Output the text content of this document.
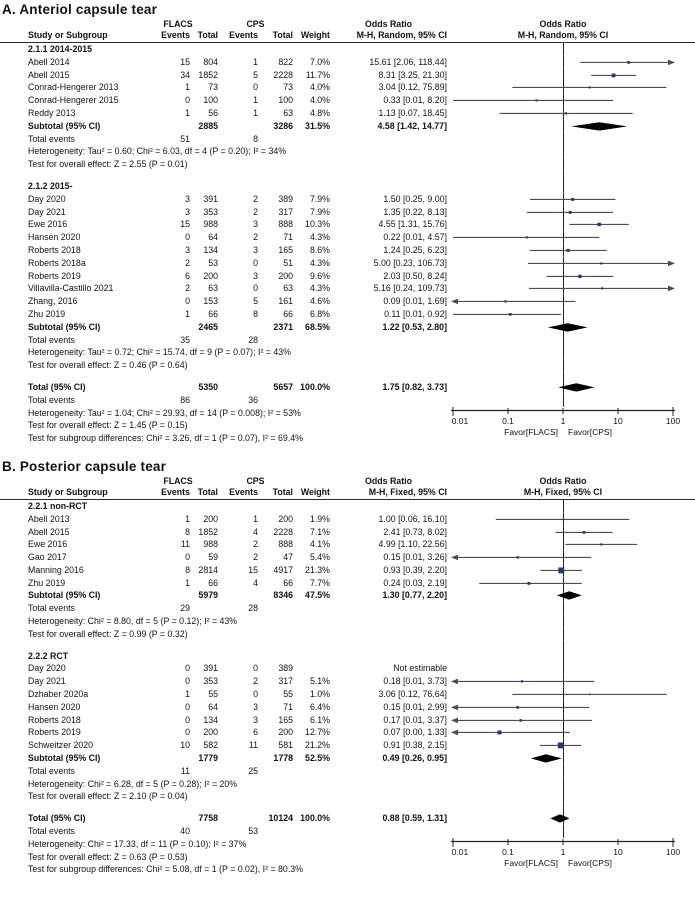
A. Anteriol capsule tear
FLACS	CPS	Odds Ratio	Odds Ratio
Study or Subgroup	Events Total	Events	Total Weight	M-H, Random, 95% CI	M-H, Random, 95% CI
2.1.1 2014-2015
Abell 2014	15	804	1	822	7.0%	15.61 [2.06, 118.44]
Abell 2015	34 1852	5	2228	11.7%	8.31 [3.25, 21.30]
Conrad-Hengerer 2013	1	73	0	73	4.0%	3.04 [0.12, 75.89]
Conrad-Hengerer 2015	0	100	1	100	4.0%	0.33 [0.01, 8.20]
Reddy 2013	1	56	1	63	4.8%	1.13 [0.07, 18.45]
Subtotal (95% CI)	2885	3286	31.5%	4.58 [1.42, 14.77]
Total events	51	8
Heterogeneity: Tau² = 0.60; Chi² = 6.03, df = 4 (P = 0.20); I² = 34%
Test for overall effect: Z = 2.55 (P = 0.01)
2.1.2 2015-
Day 2020	3	391	2	389	7.9%	1.50 [0.25, 9.00]
Day 2021	3	353	2	317	7.9%	1.35 [0.22, 8.13]
Ewe 2016	15	988	3	888	10.3%	4.55 [1.31, 15.76]
Hansen 2020	0	64	2	71	4.3%	0.22 [0.01, 4.57]
Roberts 2018	3	134	3	165	8.6%	1.24 [0.25, 6.23]
Roberts 2018a	2	53	0	51	4.3%	5.00 [0.23, 106.73]
Roberts 2019	6	200	3	200	9.6%	2.03 [0.50, 8.24]
Villavilla-Castillo 2021	2	63	0	63	4.3%	5.16 [0.24, 109.73]
Zhang, 2016	0	153	5	161	4.6%	0.09 [0.01, 1.69]
Zhu 2019	1	66	8	66	6.8%	0.11 [0.01, 0.92]
Subtotal (95% CI)	2465	2371	68.5%	1.22 [0.53, 2.80]
Total events	35	28
Heterogeneity: Tau² = 0.72; Chi² = 15.74, df = 9 (P = 0.07); I² = 43%
Test for overall effect: Z = 0.46 (P = 0.64)
Total (95% CI)	5350	5657 100.0%	1.75 [0.82, 3.73]
Total events	86	36
Heterogeneity: Tau² = 1.04; Chi² = 29.93, df = 14 (P = 0.008); I² = 53%
0.01	0.1	1	10	100
Favor[FLACS] Favor[CPS]
Test for overall effect: Z = 1.45 (P = 0.15)
Test for subgroup differences: Chi² = 3.26, df = 1 (P = 0.07), I² = 69.4%
B. Posterior capsule tear
FLACS	CPS	Odds Ratio	Odds Ratio
Study or Subgroup	Events Total	Events	Total Weight	M-H, Fixed, 95% CI	M-H, Fixed, 95% CI
2.2.1 non-RCT
Abell 2013	1	200	1	200	1.9%	1.00 [0.06, 16.10]
Abell 2015	8 1852	4	2228	7.1%	2.41 [0.73, 8.02]
Ewe 2016	11	988	2	888	4.1%	4.99 [1.10, 22.56]
Gao 2017	0	59	2	47	5.4%	0.15 [0.01, 3.26]
Manning 2016	8 2814	15	4917	21.3%	0.93 [0.39, 2.20]
Zhu 2019	1	66	4	66	7.7%	0.24 [0.03, 2.19]
Subtotal (95% CI)	5979	8346	47.5%	1.30 [0.77, 2.20]
Total events	29	28
Heterogeneity: Chi² = 8.80, df = 5 (P = 0.12); I² = 43%
Test for overall effect: Z = 0.99 (P = 0.32)
2.2.2 RCT
Day 2020	0	391	0	389	Not estimable
Day 2021	0	353	2	317	5.1%	0.18 [0.01, 3.73]
Dzhaber 2020a	1	55	0	55	1.0%	3.06 [0.12, 76.64]
Hansen 2020	0	64	3	71	6.4%	0.15 [0.01, 2.99]
Roberts 2018	0	134	3	165	6.1%	0.17 [0.01, 3.37]
Roberts 2019	0	200	6	200	12.7%	0.07 [0.00, 1.33]
Schweitzer 2020	10	582	11	581	21.2%	0.91 [0.38, 2.15]
Subtotal (95% CI)	1779	1778	52.5%	0.49 [0.26, 0.95]
Total events	11	25
Heterogeneity: Chi² = 6.28, df = 5 (P = 0.28); I² = 20%
Test for overall effect: Z = 2.10 (P = 0.04)
Total (95% CI)	7758	10124 100.0%	0.88 [0.59, 1.31]
Total events	40	53
Heterogeneity: Chi² = 17.33, df = 11 (P = 0.10); I² = 37%
0.01	0.1	1	10	100
Favor[FLACS] Favor[CPS]
Test for overall effect: Z = 0.63 (P = 0.53)
Test for subgroup differences: Chi² = 5.08, df = 1 (P = 0.02), I² = 80.3%
